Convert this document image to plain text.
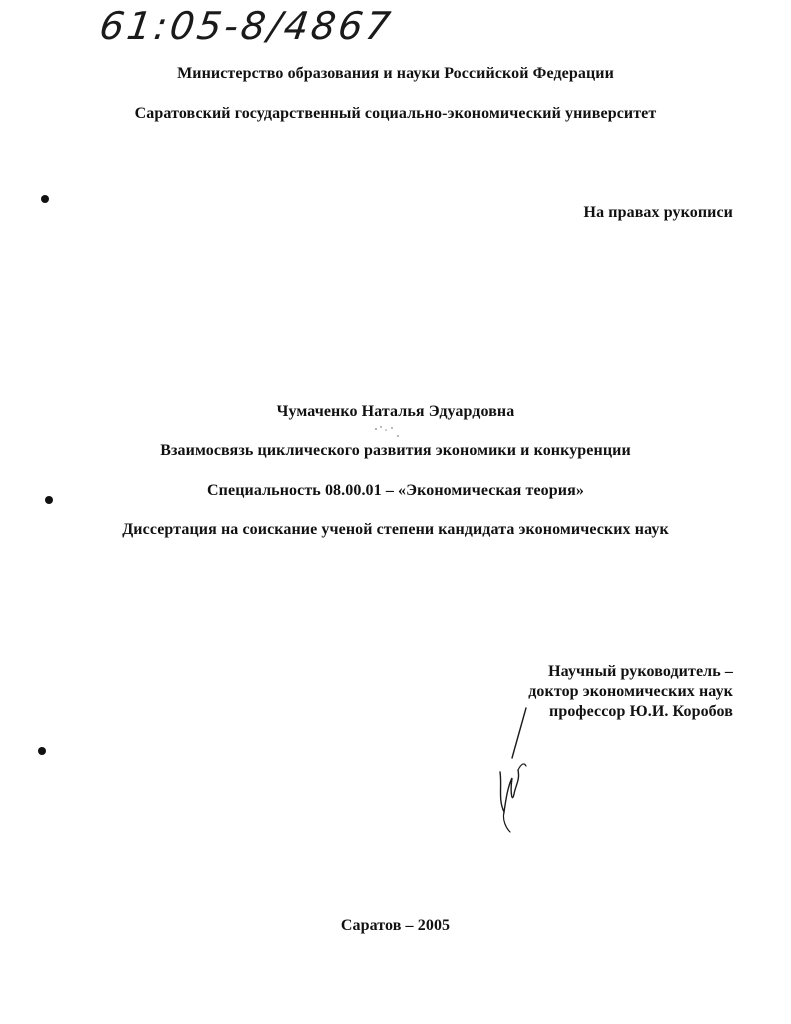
61:05-8/4867
Министерство образования и науки Российской Федерации
Саратовский государственный социально-экономический университет
На правах рукописи
Чумаченко Наталья Эдуардовна
Взаимосвязь циклического развития экономики и конкуренции
Специальность 08.00.01 – «Экономическая теория»
Диссертация на соискание ученой степени кандидата экономических наук
Научный руководитель –
доктор экономических наук
профессор Ю.И. Коробов
Саратов – 2005
